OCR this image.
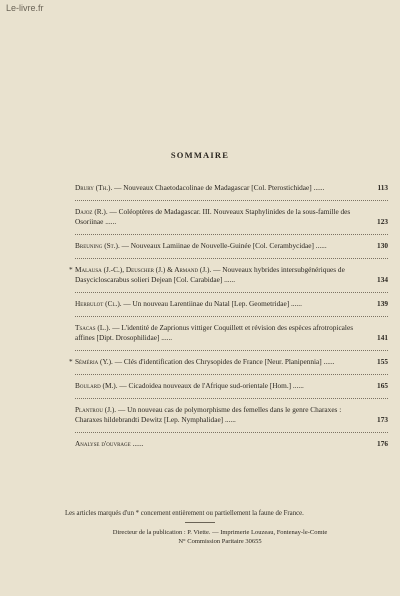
Le-livre.fr
SOMMAIRE
Drury (Th.). — Nouveaux Chaetodacolinae de Madagascar [Col. Pterostichidae] ......	113
Dajoz (R.). — Coléoptères de Madagascar. III. Nouveaux Staphylinides de la sous-famille des Osoriinae ......	123
Breuning (St.). — Nouveaux Lamiinae de Nouvelle-Guinée [Col. Cerambycidae] ......	130
* Malausa (J.-C.), Deuscher (J.) & Armand (J.). — Nouveaux hybrides intersubgénériques de Dasycicloscarabus solieri Dejean [Col. Carabidae] ......	134
Herbulot (Cl.). — Un nouveau Larentiinae du Natal [Lep. Geometridae] ......	139
Tsacas (L.). — L'identité de Zaprionus vittiger Coquillett et révision des espèces afrotropicales affines [Dipt. Drosophilidae] ......	141
* Séméria (Y.). — Clés d'identification des Chrysopides de France [Neur. Planipennia] ......	155
Boulard (M.). — Cicadoidea nouveaux de l'Afrique sud-orientale [Hom.] ......	165
Plantrou (J.). — Un nouveau cas de polymorphisme des femelles dans le genre Charaxes : Charaxes hildebrandti Dewitz [Lep. Nymphalidae] ......	173
Analyse d'ouvrage ......	176
Les articles marqués d'un * concernent entièrement ou partiellement la faune de France.
Directeur de la publication : P. Viette. — Imprimerie Louzeau, Fontenay-le-Comte
N° Commission Paritaire 30655
